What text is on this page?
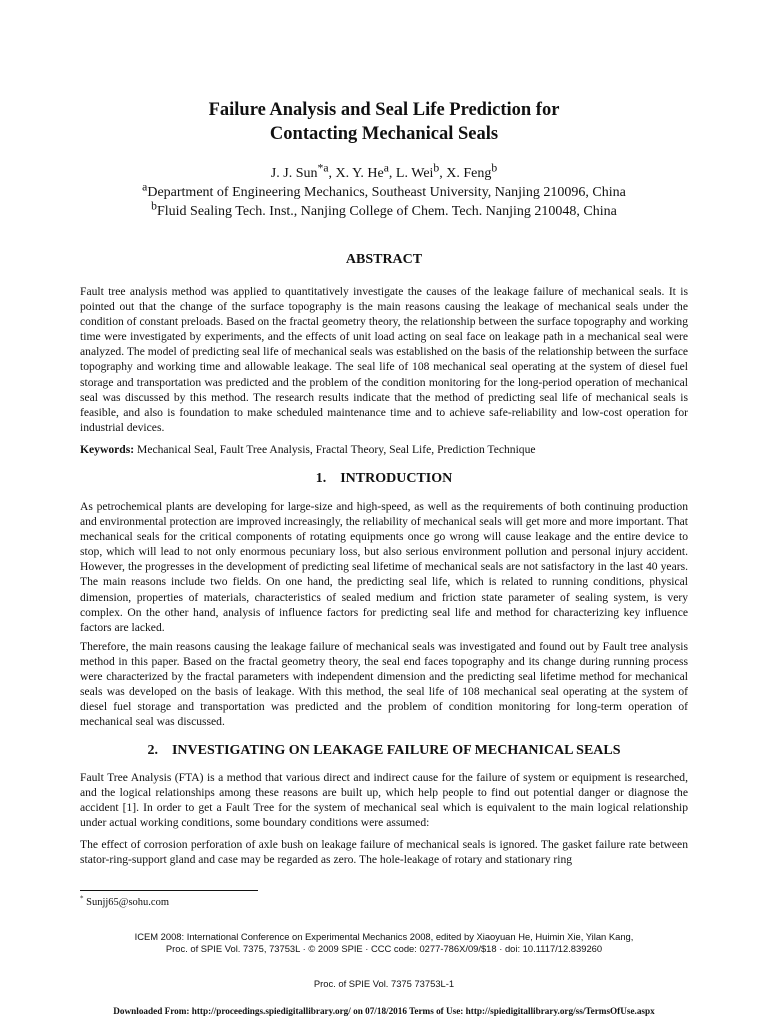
Failure Analysis and Seal Life Prediction for
Contacting Mechanical Seals
J. J. Sun$^{*a}$, X. Y. He$^a$, L. Wei$^b$, X. Feng$^b$
$^a$Department of Engineering Mechanics, Southeast University, Nanjing 210096, China
$^b$Fluid Sealing Tech. Inst., Nanjing College of Chem. Tech. Nanjing 210048, China
ABSTRACT

Fault tree analysis method was applied to quantitatively investigate the causes of the leakage failure of mechanical seals. It is pointed out that the change of the surface topography is the main reasons causing the leakage of mechanical seals under the condition of constant preloads. Based on the fractal geometry theory, the relationship between the surface topography and working time were investigated by experiments, and the effects of unit load acting on seal face on leakage path in a mechanical seal were analyzed. The model of predicting seal life of mechanical seals was established on the basis of the relationship between the surface topography and working time and allowable leakage. The seal life of 108 mechanical seal operating at the system of diesel fuel storage and transportation was predicted and the problem of the condition monitoring for the long-period operation of mechanical seal was discussed by this method. The research results indicate that the method of predicting seal life of mechanical seals is feasible, and also is foundation to make scheduled maintenance time and to achieve safe-reliability and low-cost operation for industrial devices.

Keywords: Mechanical Seal, Fault Tree Analysis, Fractal Theory, Seal Life, Prediction Technique
1. INTRODUCTION

As petrochemical plants are developing for large-size and high-speed, as well as the requirements of both continuing production and environmental protection are improved increasingly, the reliability of mechanical seals will get more and more important. That mechanical seals for the critical components of rotating equipments once go wrong will cause leakage and the entire device to stop, which will lead to not only enormous pecuniary loss, but also serious environment pollution and personal injury accident. However, the progresses in the development of predicting seal lifetime of mechanical seals are not satisfactory in the last 40 years. The main reasons include two fields. On one hand, the predicting seal life, which is related to running conditions, physical dimension, properties of materials, characteristics of sealed medium and friction state parameter of sealing system, is very complex. On the other hand, analysis of influence factors for predicting seal life and method for characterizing key influence factors are lacked.

Therefore, the main reasons causing the leakage failure of mechanical seals was investigated and found out by Fault tree analysis method in this paper. Based on the fractal geometry theory, the seal end faces topography and its change during running process were characterized by the fractal parameters with independent dimension and the predicting seal lifetime method for mechanical seals was developed on the basis of leakage. With this method, the seal life of 108 mechanical seal operating at the system of diesel fuel storage and transportation was predicted and the problem of condition monitoring for long-term operation of mechanical seal was discussed.

2. INVESTIGATING ON LEAKAGE FAILURE OF MECHANICAL SEALS

Fault Tree Analysis (FTA) is a method that various direct and indirect cause for the failure of system or equipment is researched, and the logical relationships among these reasons are built up, which help people to find out potential danger or diagnose the accident [1]. In order to get a Fault Tree for the system of mechanical seal which is equivalent to the main logical relationship under actual working conditions, some boundary conditions were assumed:

The effect of corrosion perforation of axle bush on leakage failure of mechanical seals is ignored. The gasket failure rate between stator-ring-support gland and case may be regarded as zero. The hole-leakage of rotary and stationary ring

* Sunjj65@sohu.com
ICEM 2008: International Conference on Experimental Mechanics 2008, edited by Xiaoyuan He, Huimin Xie, Yilan Kang,
Proc. of SPIE Vol. 7375, 73753L · © 2009 SPIE · CCC code: 0277-786X/09/$18 · doi: 10.1117/12.839260
Proc. of SPIE Vol. 7375 73753L-1
Downloaded From: http://proceedings.spiedigitallibrary.org/ on 07/18/2016 Terms of Use: http://spiedigitallibrary.org/ss/TermsOfUse.aspx
